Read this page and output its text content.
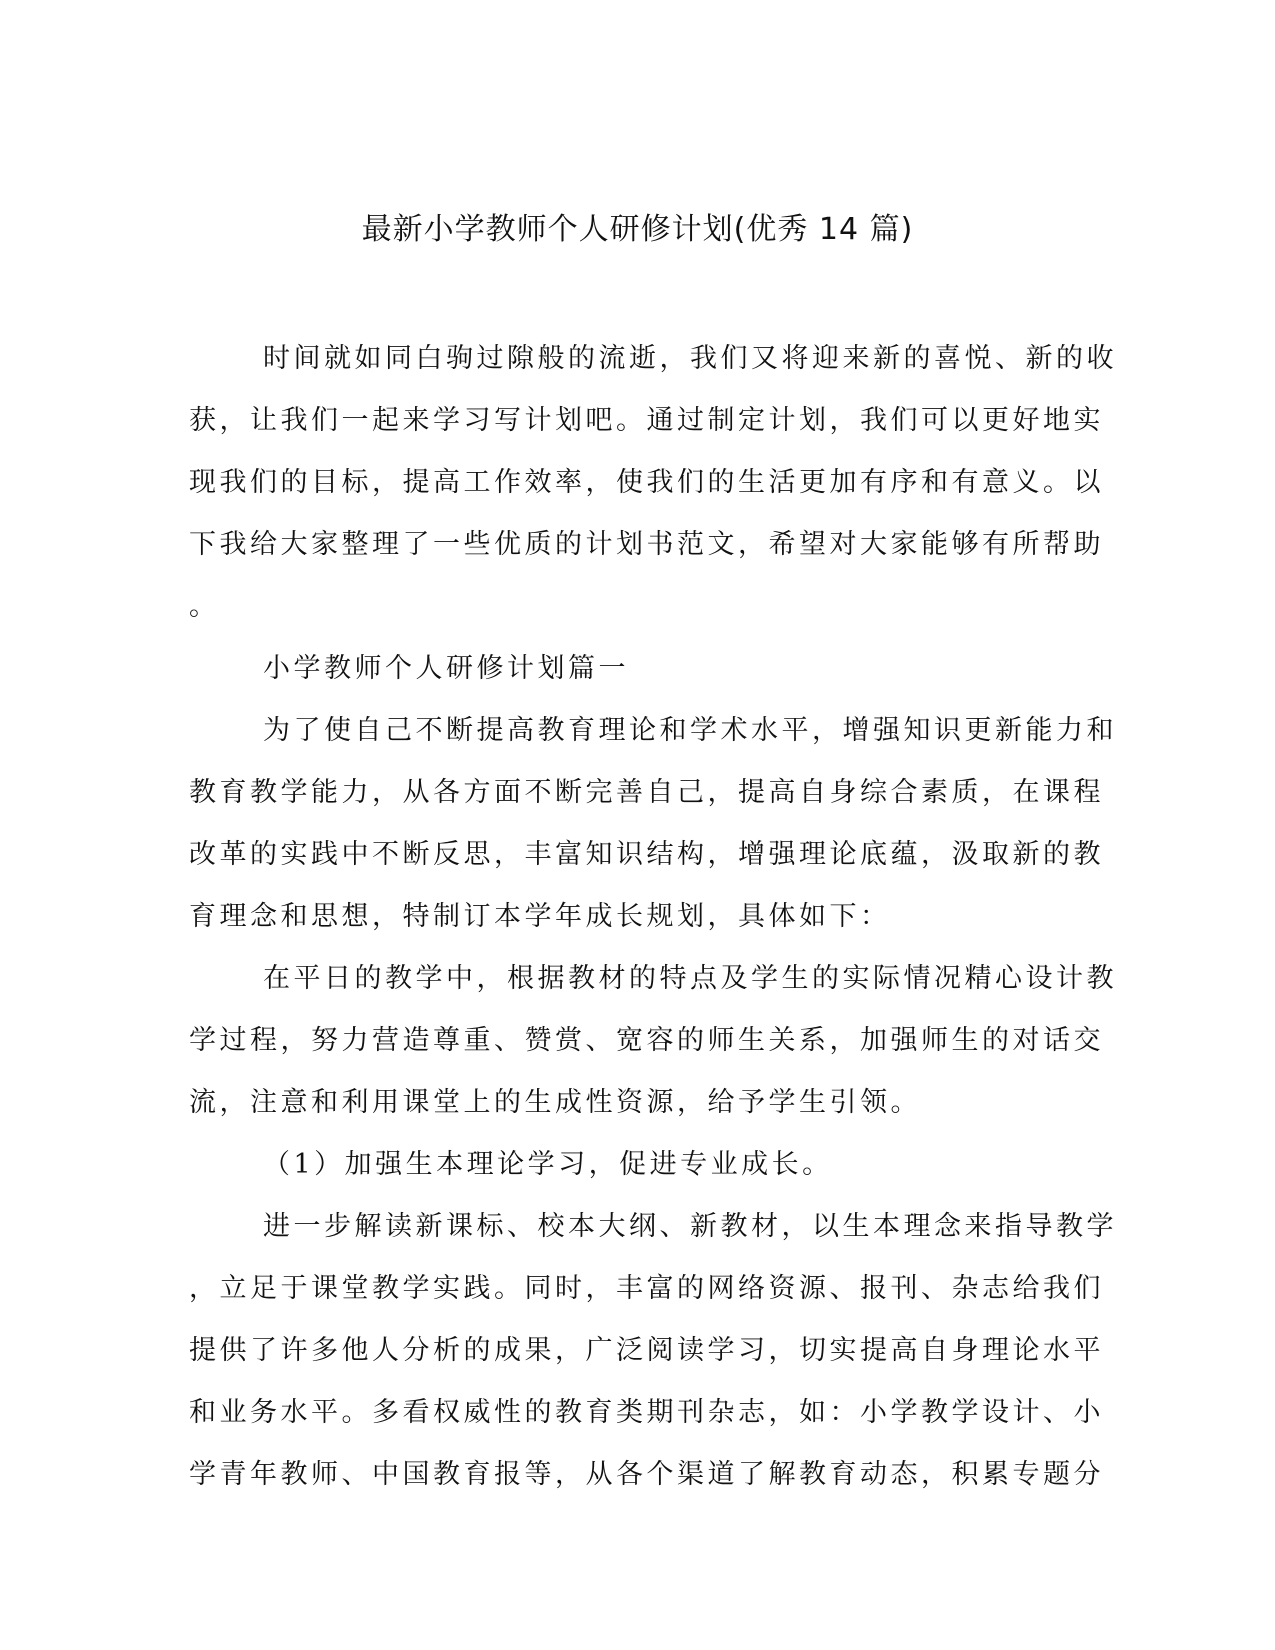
最新小学教师个人研修计划(优秀 14 篇)
时间就如同白驹过隙般的流逝，我们又将迎来新的喜悦、新的收
获，让我们一起来学习写计划吧。通过制定计划，我们可以更好地实
现我们的目标，提高工作效率，使我们的生活更加有序和有意义。以
下我给大家整理了一些优质的计划书范文，希望对大家能够有所帮助
。
小学教师个人研修计划篇一
为了使自己不断提高教育理论和学术水平，增强知识更新能力和
教育教学能力，从各方面不断完善自己，提高自身综合素质，在课程
改革的实践中不断反思，丰富知识结构，增强理论底蕴，汲取新的教
育理念和思想，特制订本学年成长规划，具体如下：
在平日的教学中，根据教材的特点及学生的实际情况精心设计教
学过程，努力营造尊重、赞赏、宽容的师生关系，加强师生的对话交
流，注意和利用课堂上的生成性资源，给予学生引领。
（1）加强生本理论学习，促进专业成长。
进一步解读新课标、校本大纲、新教材，以生本理念来指导教学
，立足于课堂教学实践。同时，丰富的网络资源、报刊、杂志给我们
提供了许多他人分析的成果，广泛阅读学习，切实提高自身理论水平
和业务水平。多看权威性的教育类期刊杂志，如：小学教学设计、小
学青年教师、中国教育报等，从各个渠道了解教育动态，积累专题分
